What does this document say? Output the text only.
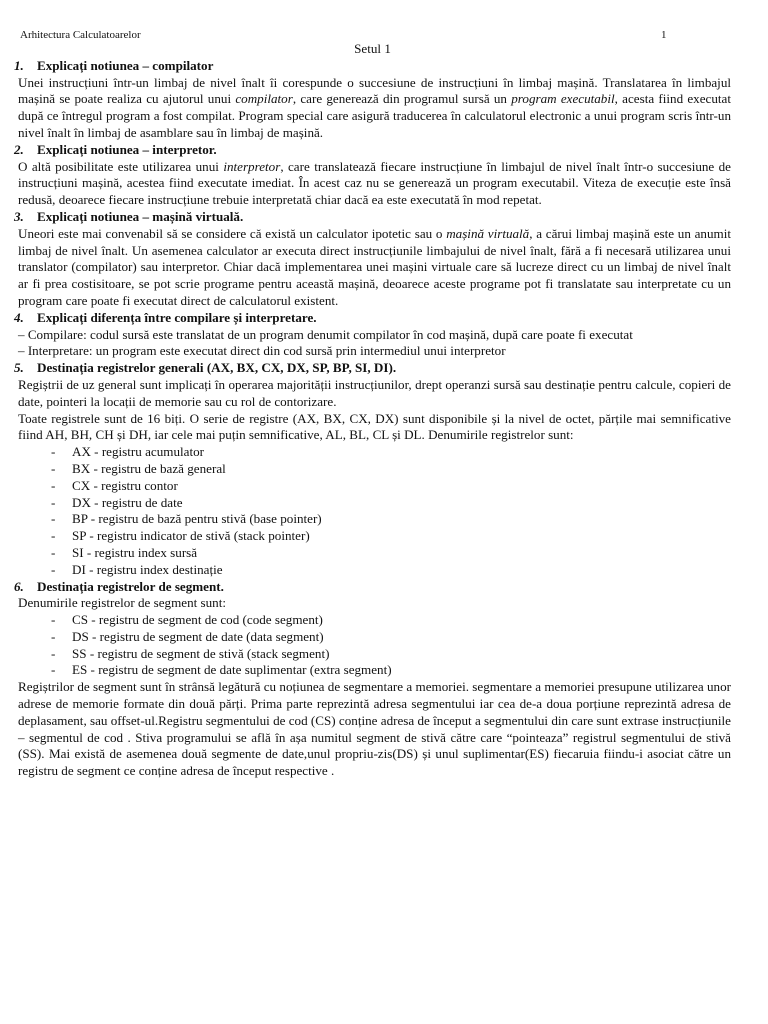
Arhitectura Calculatoarelor	1
Setul 1
1.	Explicați notiunea – compilator
Unei instrucțiuni într-un limbaj de nivel înalt îi corespunde o succesiune de instrucțiuni în limbaj mașină. Translatarea în limbajul mașină se poate realiza cu ajutorul unui compilator, care generează din programul sursă un program executabil, acesta fiind executat după ce întregul program a fost compilat. Program special care asigură traducerea în calculatorul electronic a unui program scris într-un nivel înalt în limbaj de asamblare sau în limbaj de mașină.
2.	Explicați notiunea – interpretor.
O altă posibilitate este utilizarea unui interpretor, care translatează fiecare instrucțiune în limbajul de nivel înalt într-o succesiune de instrucțiuni mașină, acestea fiind executate imediat. În acest caz nu se generează un program executabil. Viteza de execuție este însă redusă, deoarece fiecare instrucțiune trebuie interpretată chiar dacă ea este executată în mod repetat.
3.	Explicați notiunea – mașină virtuală.
Uneori este mai convenabil să se considere că există un calculator ipotetic sau o mașină virtuală, a cărui limbaj mașină este un anumit limbaj de nivel înalt. Un asemenea calculator ar executa direct instrucțiunile limbajului de nivel înalt, fără a fi necesară utilizarea unui translator (compilator) sau interpretor. Chiar dacă implementarea unei mașini virtuale care să lucreze direct cu un limbaj de nivel înalt ar fi prea costisitoare, se pot scrie programe pentru această mașină, deoarece aceste programe pot fi translatate sau interpretate cu un program care poate fi executat direct de calculatorul existent.
4.	Explicați diferența între compilare și interpretare.
– Compilare: codul sursă este translatat de un program denumit compilator în cod mașină, după care poate fi executat
– Interpretare: un program este executat direct din cod sursă prin intermediul unui interpretor
5.	Destinația registrelor generali (AX, BX, CX, DX, SP, BP, SI, DI).
Regiștrii de uz general sunt implicați în operarea majorității instrucțiunilor, drept operanzi sursă sau destinație pentru calcule, copieri de date, pointeri la locații de memorie sau cu rol de contorizare.
Toate registrele sunt de 16 biți. O serie de registre (AX, BX, CX, DX) sunt disponibile și la nivel de octet, părțile mai semnificative fiind AH, BH, CH și DH, iar cele mai puțin semnificative, AL, BL, CL și DL. Denumirile registrelor sunt:
- AX - registru acumulator
- BX - registru de bază general
- CX - registru contor
- DX - registru de date
- BP - registru de bază pentru stivă (base pointer)
- SP - registru indicator de stivă (stack pointer)
- SI - registru index sursă
- DI - registru index destinație
6.	Destinația registrelor de segment.
Denumirile registrelor de segment sunt:
- CS - registru de segment de cod (code segment)
- DS - registru de segment de date (data segment)
- SS - registru de segment de stivă (stack segment)
- ES - registru de segment de date suplimentar (extra segment)
Regiștrilor de segment sunt în strânsă legătură cu noțiunea de segmentare a memoriei. segmentare a memoriei presupune utilizarea unor adrese de memorie formate din două părți. Prima parte reprezintă adresa segmentului iar cea de-a doua porțiune reprezintă adresa de deplasament, sau offset-ul.Registru segmentului de cod (CS) conține adresa de început a segmentului din care sunt extrase instrucțiunile – segmentul de cod . Stiva programului se află în așa numitul segment de stivă către care “pointeaza” registrul segmentului de stivă (SS). Mai există de asemenea două segmente de date,unul propriu-zis(DS) și unul suplimentar(ES) fiecaruia fiindu-i asociat către un registru de segment ce conține adresa de început respective .
